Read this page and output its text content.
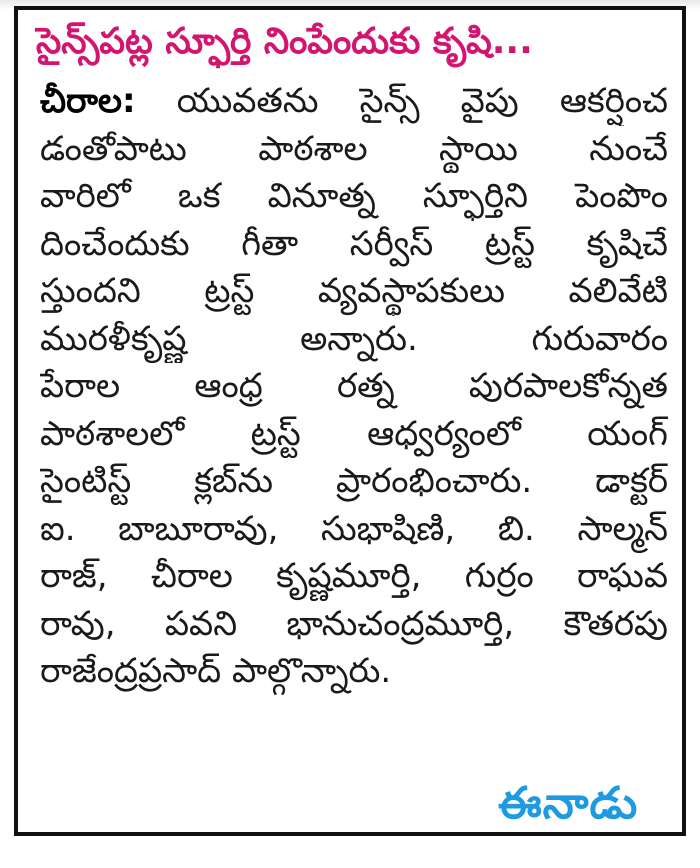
సైన్స్‌పట్ల స్ఫూర్తి నింపేందుకు కృషి...
చీరాల: యువతను సైన్స్ వైపు ఆకర్షించ
డంతోపాటు పాఠశాల స్థాయి నుంచే
వారిలో ఒక వినూత్న స్ఫూర్తిని పెంపొం
దించేందుకు గీతా సర్వీస్ ట్రస్ట్ కృషిచే
స్తుందని ట్రస్ట్ వ్యవస్థాపకులు వలివేటి
మురళీకృష్ణ అన్నారు. గురువారం
పేరాల ఆంధ్ర రత్న పురపాలకోన్నత
పాఠశాలలో ట్రస్ట్ ఆధ్వర్యంలో యంగ్
సైంటిస్ట్ క్లబ్‌ను ప్రారంభించారు. డాక్టర్
ఐ. బాబూరావు, సుభాషిణి, బి. సాల్మన్
రాజ్, చీరాల కృష్ణమూర్తి, గుర్రం రాఘవ
రావు, పవని భానుచంద్రమూర్తి, కౌతరపు
రాజేంద్రప్రసాద్ పాల్గొన్నారు.
ఈనాడు
